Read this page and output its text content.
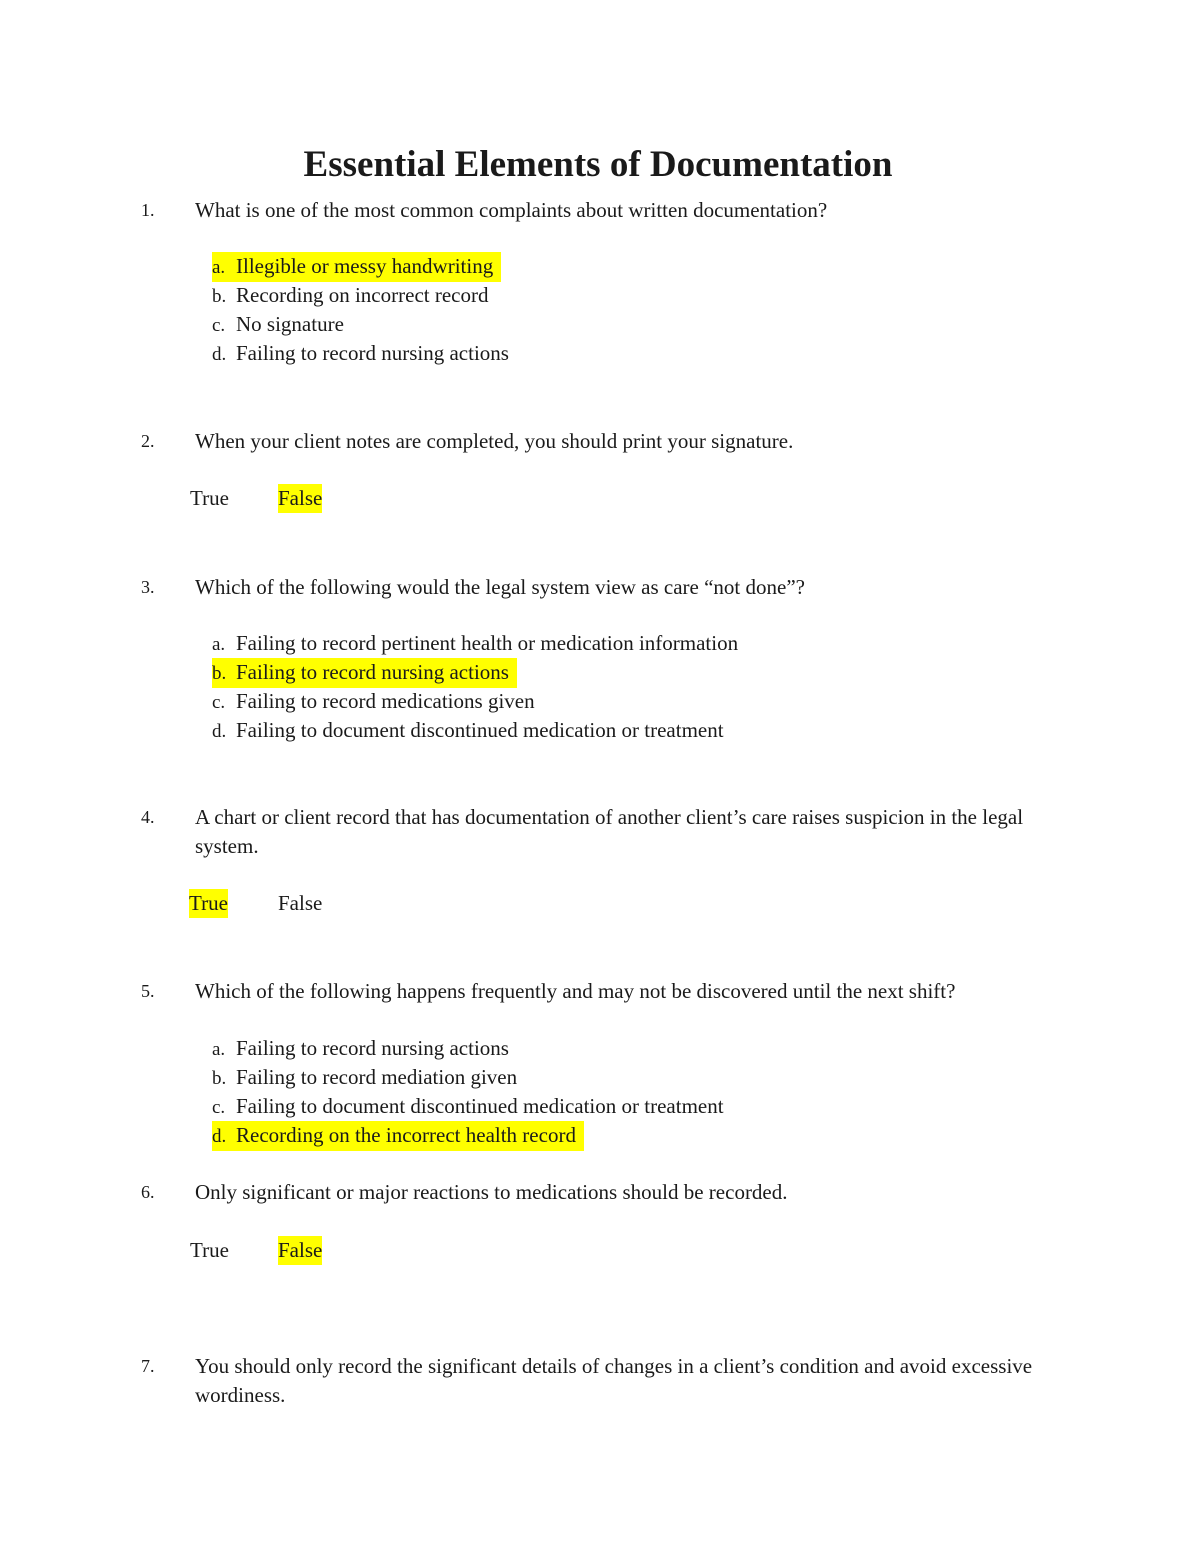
Essential Elements of Documentation
1. What is one of the most common complaints about written documentation?
a. Illegible or messy handwriting
b. Recording on incorrect record
c. No signature
d. Failing to record nursing actions
2. When your client notes are completed, you should print your signature.
True False
3. Which of the following would the legal system view as care “not done”?
a. Failing to record pertinent health or medication information
b. Failing to record nursing actions
c. Failing to record medications given
d. Failing to document discontinued medication or treatment
4. A chart or client record that has documentation of another client’s care raises suspicion in the legal system.
True False
5. Which of the following happens frequently and may not be discovered until the next shift?
a. Failing to record nursing actions
b. Failing to record mediation given
c. Failing to document discontinued medication or treatment
d. Recording on the incorrect health record
6. Only significant or major reactions to medications should be recorded.
True False
7. You should only record the significant details of changes in a client’s condition and avoid excessive wordiness.
